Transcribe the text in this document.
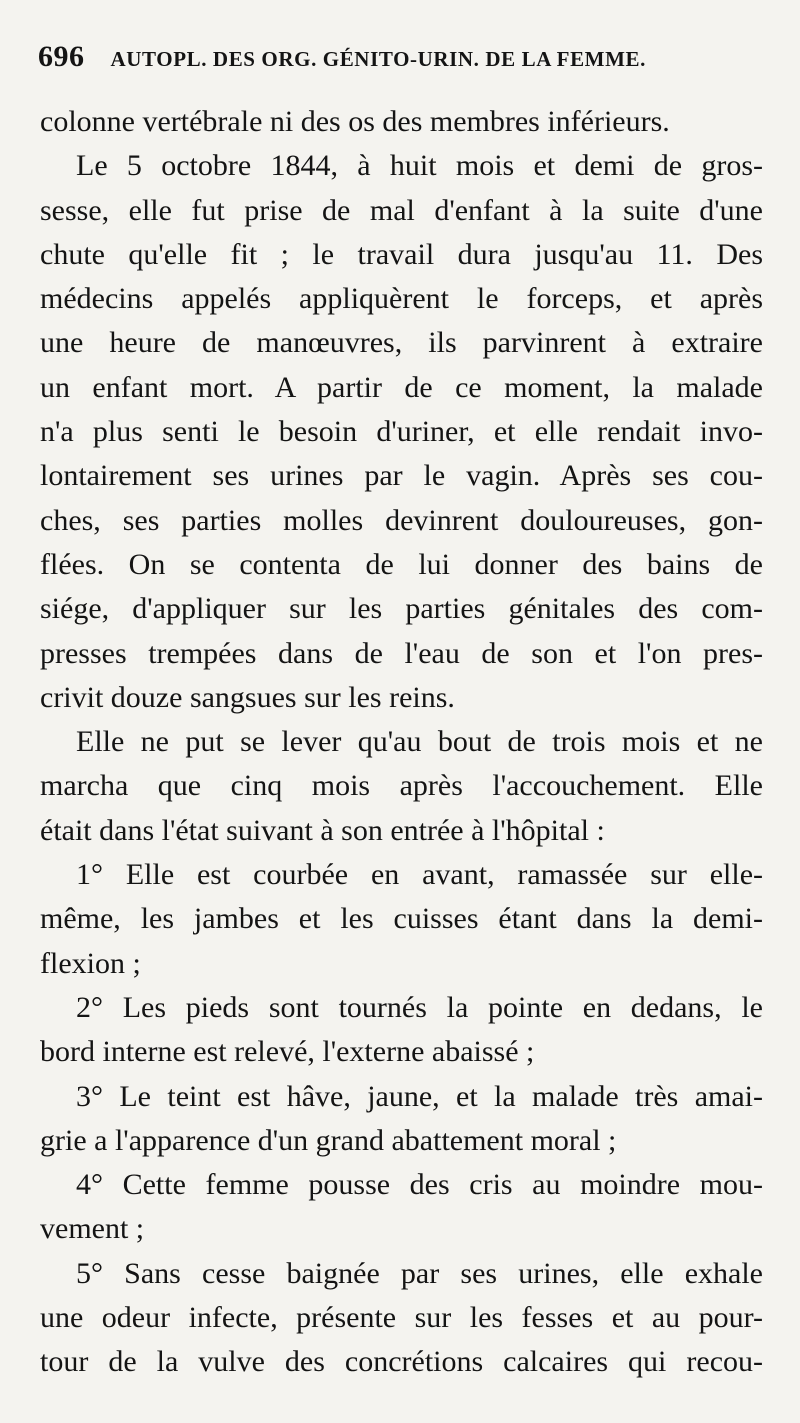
696 AUTOPL. DES ORG. GÉNITO-URIN. DE LA FEMME.
colonne vertébrale ni des os des membres inférieurs.
Le 5 octobre 1844, à huit mois et demi de gros-
sesse, elle fut prise de mal d'enfant à la suite d'une
chute qu'elle fit ; le travail dura jusqu'au 11. Des
médecins appelés appliquèrent le forceps, et après
une heure de manœuvres, ils parvinrent à extraire
un enfant mort. A partir de ce moment, la malade
n'a plus senti le besoin d'uriner, et elle rendait invo-
lontairement ses urines par le vagin. Après ses cou-
ches, ses parties molles devinrent douloureuses, gon-
flées. On se contenta de lui donner des bains de
siége, d'appliquer sur les parties génitales des com-
presses trempées dans de l'eau de son et l'on pres-
crivit douze sangsues sur les reins.
Elle ne put se lever qu'au bout de trois mois et ne
marcha que cinq mois après l'accouchement. Elle
était dans l'état suivant à son entrée à l'hôpital :
1° Elle est courbée en avant, ramassée sur elle-
même, les jambes et les cuisses étant dans la demi-
flexion ;
2° Les pieds sont tournés la pointe en dedans, le
bord interne est relevé, l'externe abaissé ;
3° Le teint est hâve, jaune, et la malade très amai-
grie a l'apparence d'un grand abattement moral ;
4° Cette femme pousse des cris au moindre mou-
vement ;
5° Sans cesse baignée par ses urines, elle exhale
une odeur infecte, présente sur les fesses et au pour-
tour de la vulve des concrétions calcaires qui recou-
